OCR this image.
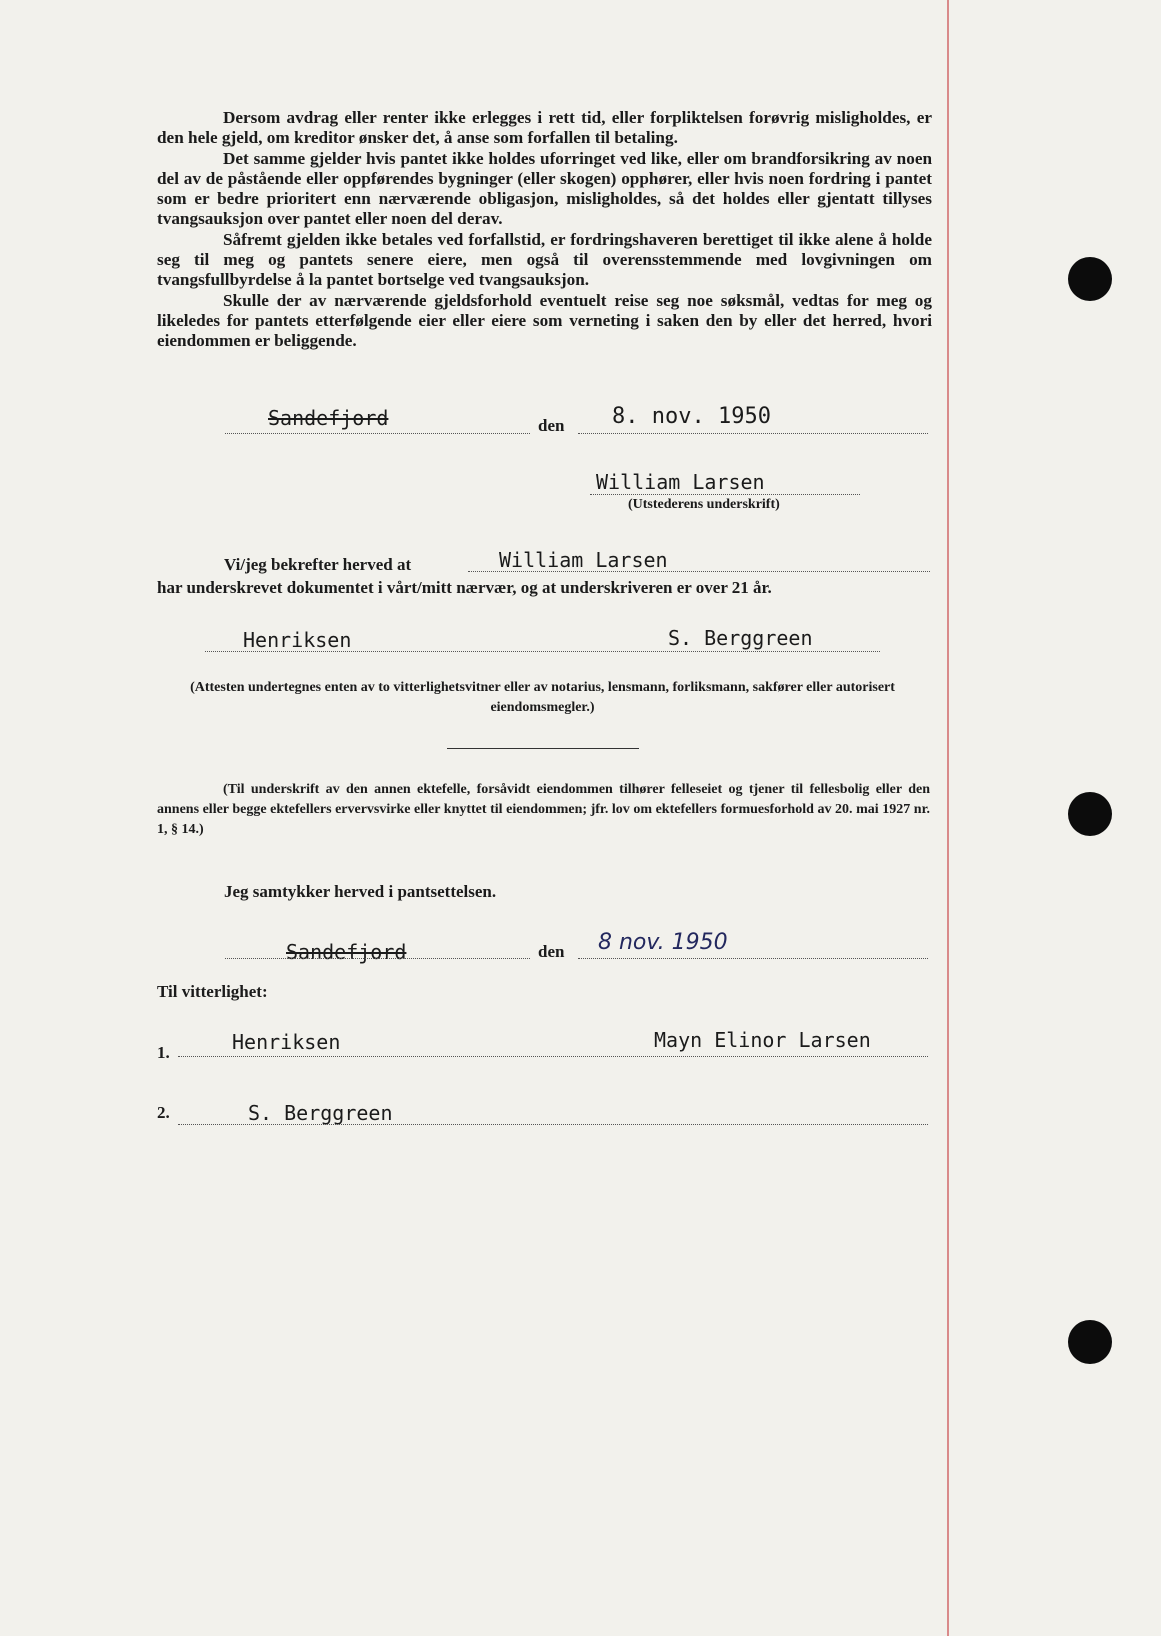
Dersom avdrag eller renter ikke erlegges i rett tid, eller forpliktelsen forøvrig misligholdes, er den hele gjeld, om kreditor ønsker det, å anse som forfallen til betaling.

Det samme gjelder hvis pantet ikke holdes uforringet ved like, eller om brandforsikring av noen del av de påstående eller oppførendes bygninger (eller skogen) opphører, eller hvis noen fordring i pantet som er bedre prioritert enn nærværende obligasjon, misligholdes, så det holdes eller gjentatt tillyses tvangsauksjon over pantet eller noen del derav.

Såfremt gjelden ikke betales ved forfallstid, er fordringshaveren berettiget til ikke alene å holde seg til meg og pantets senere eiere, men også til overensstemmende med lovgivningen om tvangsfullbyrdelse å la pantet bortselge ved tvangsauksjon.

Skulle der av nærværende gjeldsforhold eventuelt reise seg noe søksmål, vedtas for meg og likeledes for pantets etterfølgende eier eller eiere som verneting i saken den by eller det herred, hvori eiendommen er beliggende.

Sandefjord	den 8. nov. 1950
William Larsen
(Utstederens underskrift)
Vi/jeg bekrefter herved at	William Larsen
har underskrevet dokumentet i vårt/mitt nærvær, og at underskriveren er over 21 år.
Henriksen	S. Berggreen
(Attesten undertegnes enten av to vitterlighetsvitner eller av notarius, lensmann, forliksmann, sakfører eller autorisert eiendomsmegler.)
(Til underskrift av den annen ektefelle, forsåvidt eiendommen tilhører felleseiet og tjener til fellesbolig eller den annens eller begge ektefellers ervervsvirke eller knyttet til eiendommen; jfr. lov om ektefellers formuesforhold av 20. mai 1927 nr. 1, § 14.)
Jeg samtykker herved i pantsettelsen.
Sandefjord	den 8 nov. 1950
Til vitterlighet:
1.	Henriksen	Mayn Elinor Larsen
2.	S. Berggreen
